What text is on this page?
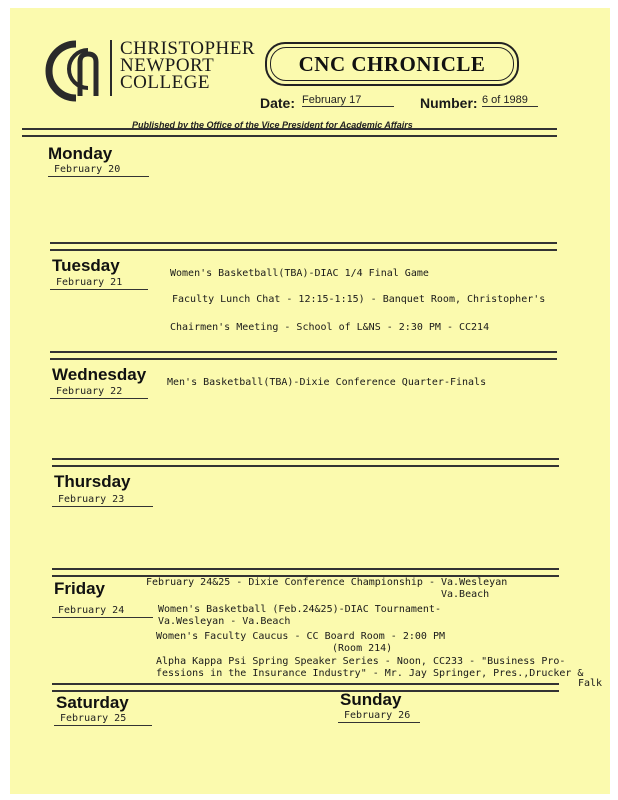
CHRISTOPHER
NEWPORT
COLLEGE
CNC CHRONICLE
Date: February 17	Number: 6 of 1989
Published by the Office of the Vice President for Academic Affairs
Monday
February 20
Tuesday
February 21
Women's Basketball(TBA)-DIAC 1/4 Final Game
Faculty Lunch Chat - 12:15-1:15) - Banquet Room, Christopher's
Chairmen's Meeting - School of L&NS - 2:30 PM - CC214
Wednesday
February 22
Men's Basketball(TBA)-Dixie Conference Quarter-Finals
Thursday
February 23
Friday
February 24
February 24&25 - Dixie Conference Championship - Va.Wesleyan
Va.Beach
Women's Basketball (Feb.24&25)-DIAC Tournament-
Va.Wesleyan - Va.Beach
Women's Faculty Caucus - CC Board Room - 2:00 PM
(Room 214)
Alpha Kappa Psi Spring Speaker Series - Noon, CC233 - "Business Pro-
fessions in the Insurance Industry" - Mr. Jay Springer, Pres.,Drucker &
Falk
Saturday
February 25
Sunday
February 26
